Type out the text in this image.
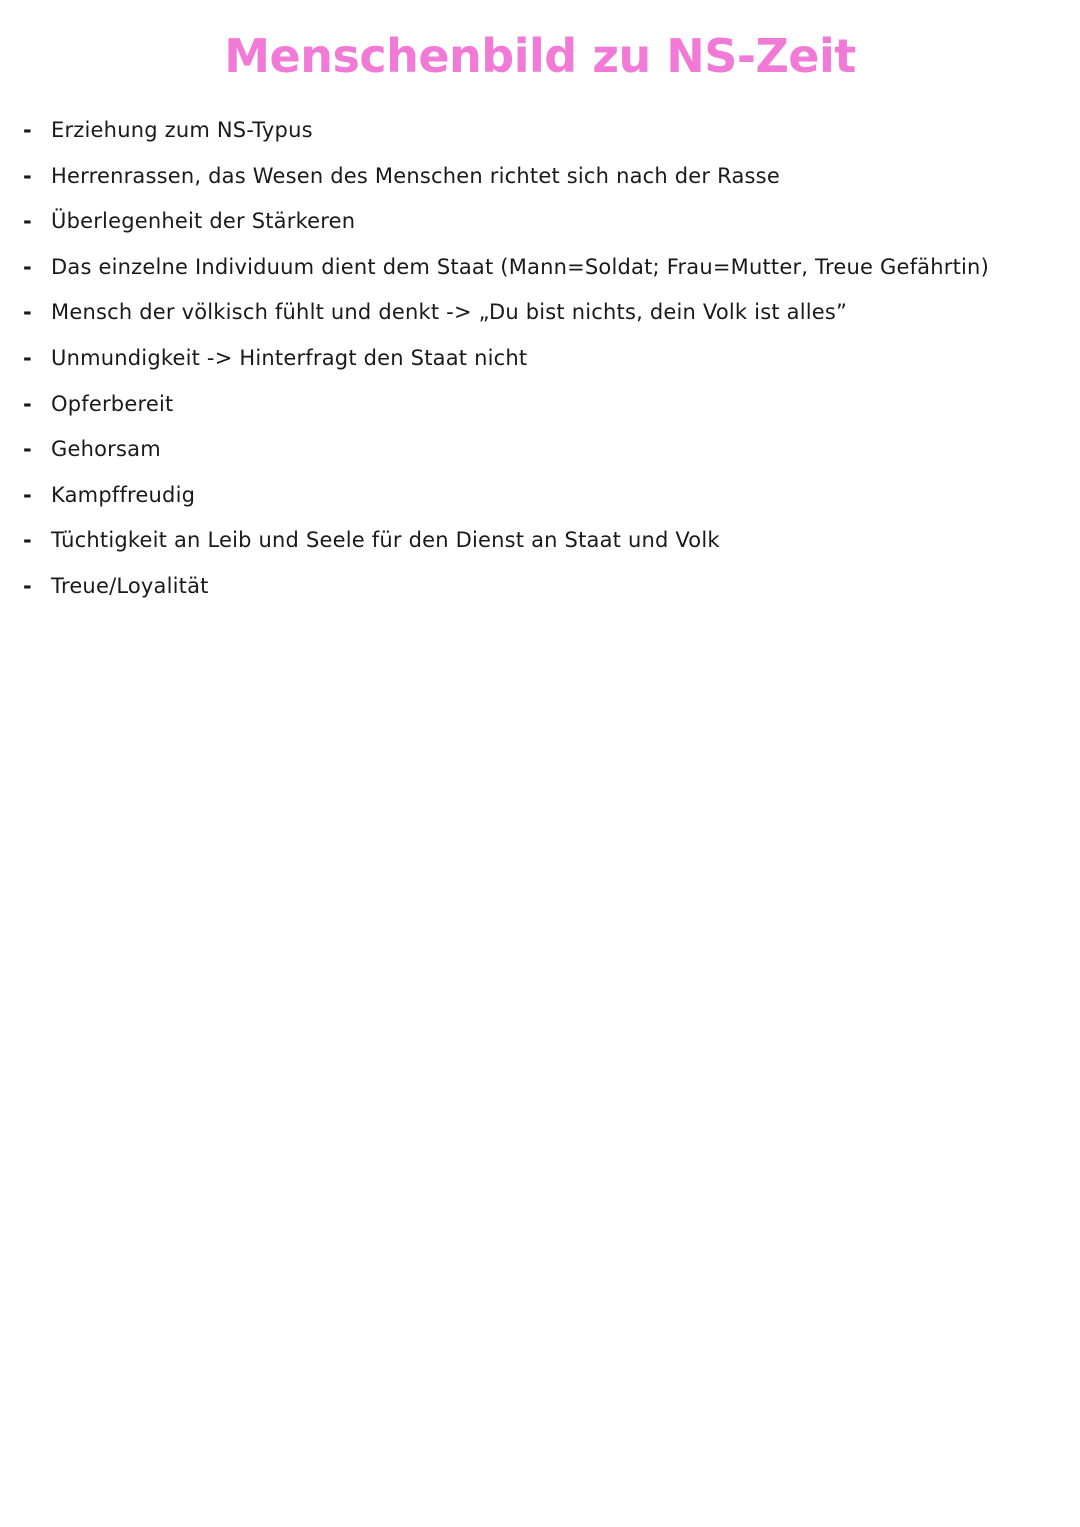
Menschenbild zu NS-Zeit
- Erziehung zum NS-Typus
- Herrenrassen, das Wesen des Menschen richtet sich nach der Rasse
- Überlegenheit der Stärkeren
- Das einzelne Individuum dient dem Staat (Mann=Soldat; Frau=Mutter, Treue Gefährtin)
- Mensch der völkisch fühlt und denkt -> „Du bist nichts, dein Volk ist alles”
- Unmundigkeit -> Hinterfragt den Staat nicht
- Opferbereit
- Gehorsam
- Kampffreudig
- Tüchtigkeit an Leib und Seele für den Dienst an Staat und Volk
- Treue/Loyalität
